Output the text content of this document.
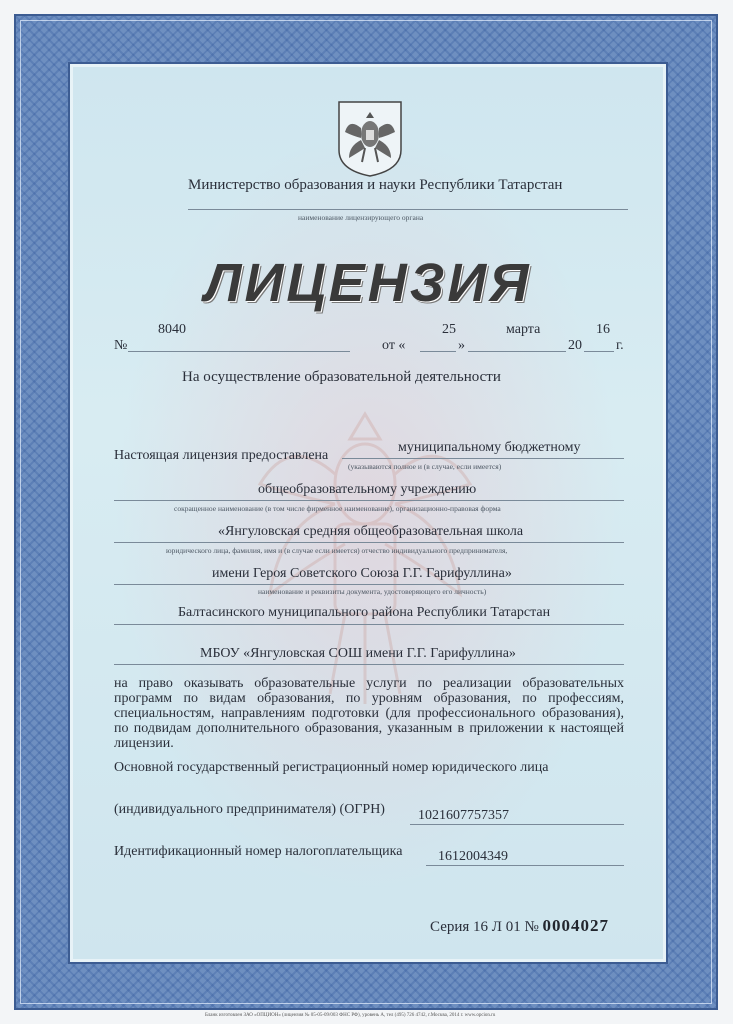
Министерство образования и науки Республики Татарстан
наименование лицензирующего органа
ЛИЦЕНЗИЯ
№
8040
от «
25
»
марта
20
16
г.
На осуществление образовательной деятельности
Настоящая лицензия предоставлена
муниципальному бюджетному
(указываются полное и (в случае, если имеется)
общеобразовательному учреждению
сокращенное наименование (в том числе фирменное наименование), организационно-правовая форма
«Янгуловская средняя общеобразовательная школа
юридического лица, фамилия, имя и (в случае если имеется) отчество индивидуального предпринимателя,
имени Героя Советского Союза Г.Г. Гарифуллина»
наименование и реквизиты документа, удостоверяющего его личность)
Балтасинского муниципального района Республики Татарстан
МБОУ «Янгуловская СОШ имени Г.Г. Гарифуллина»
на право оказывать образовательные услуги по реализации образовательных программ по видам образования, по уровням образования, по профессиям, специальностям, направлениям подготовки (для профессионального образования), по подвидам дополнительного образования, указанным в приложении к настоящей лицензии.
Основной государственный регистрационный номер юридического лица
(индивидуального предпринимателя) (ОГРН) 1021607757357
Идентификационный номер налогоплательщика	1612004349
Серия 16 Л 01 № 0004027
Бланк изготовлен ЗАО «ОПЦИОН» (лицензия № 05-05-09/003 ФНС РФ), уровень А, тел (495) 726 4742, г.Москва, 2014 г. www.opcion.ru
